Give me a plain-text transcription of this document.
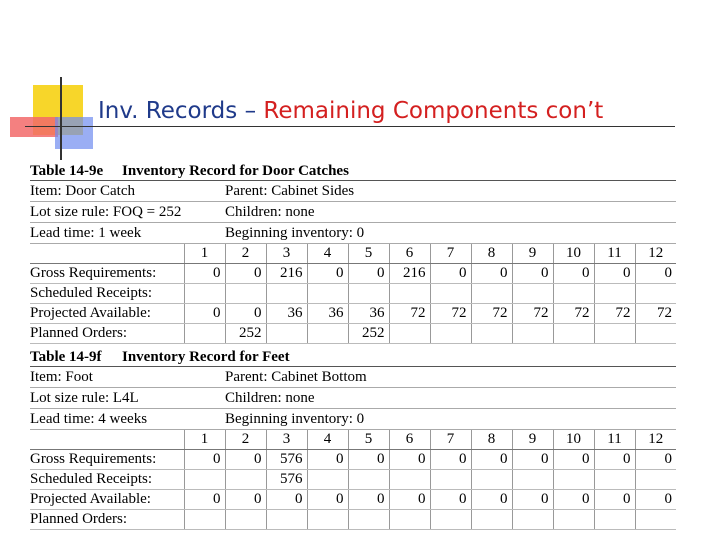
Inv. Records – Remaining Components con’t
Table 14-9e Inventory Record for Door Catches
Item: Door Catch	Parent: Cabinet Sides
Lot size rule: FOQ = 252	Children: none
Lead time: 1 week	Beginning inventory: 0
	1	2	3	4	5	6	7	8	9	10	11	12
Gross Requirements:	0	0	216	0	0	216	0	0	0	0	0	0
Scheduled Receipts:												
Projected Available:	0	0	36	36	36	72	72	72	72	72	72	72
Planned Orders:		252			252							
Table 14-9f Inventory Record for Feet
Item: Foot	Parent: Cabinet Bottom
Lot size rule: L4L	Children: none
Lead time: 4 weeks	Beginning inventory: 0
	1	2	3	4	5	6	7	8	9	10	11	12
Gross Requirements:	0	0	576	0	0	0	0	0	0	0	0	0
Scheduled Receipts:			576									
Projected Available:	0	0	0	0	0	0	0	0	0	0	0	0
Planned Orders:												
